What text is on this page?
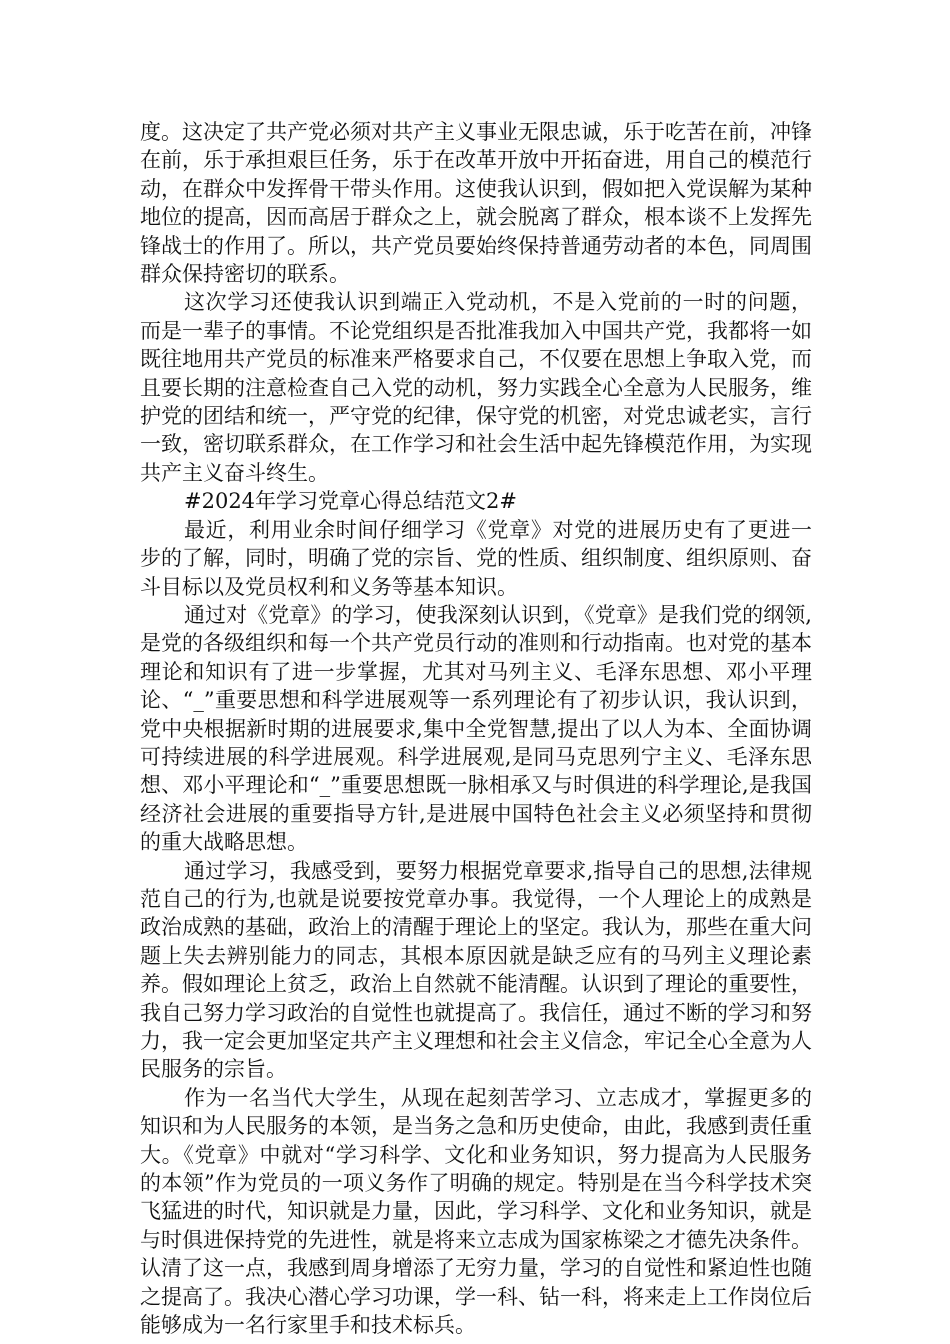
度。这决定了共产党必须对共产主义事业无限忠诚，乐于吃苦在前，冲锋在前，乐于承担艰巨任务，乐于在改革开放中开拓奋进，用自己的模范行动，在群众中发挥骨干带头作用。这使我认识到，假如把入党误解为某种地位的提高，因而高居于群众之上，就会脱离了群众，根本谈不上发挥先锋战士的作用了。所以，共产党员要始终保持普通劳动者的本色，同周围群众保持密切的联系。

这次学习还使我认识到端正入党动机，不是入党前的一时的问题，而是一辈子的事情。不论党组织是否批准我加入中国共产党，我都将一如既往地用共产党员的标准来严格要求自己，不仅要在思想上争取入党，而且要长期的注意检查自己入党的动机，努力实践全心全意为人民服务，维护党的团结和统一，严守党的纪律，保守党的机密，对党忠诚老实，言行一致，密切联系群众，在工作学习和社会生活中起先锋模范作用，为实现共产主义奋斗终生。

#2024年学习党章心得总结范文2#

最近，利用业余时间仔细学习《党章》对党的进展历史有了更进一步的了解，同时，明确了党的宗旨、党的性质、组织制度、组织原则、奋斗目标以及党员权利和义务等基本知识。

通过对《党章》的学习，使我深刻认识到，《党章》是我们党的纲领,是党的各级组织和每一个共产党员行动的准则和行动指南。也对党的基本理论和知识有了进一步掌握，尤其对马列主义、毛泽东思想、邓小平理论、“_”重要思想和科学进展观等一系列理论有了初步认识，我认识到，党中央根据新时期的进展要求,集中全党智慧,提出了以人为本、全面协调可持续进展的科学进展观。科学进展观,是同马克思列宁主义、毛泽东思想、邓小平理论和“_”重要思想既一脉相承又与时俱进的科学理论,是我国经济社会进展的重要指导方针,是进展中国特色社会主义必须坚持和贯彻的重大战略思想。

通过学习，我感受到，要努力根据党章要求,指导自己的思想,法律规范自己的行为,也就是说要按党章办事。我觉得，一个人理论上的成熟是政治成熟的基础，政治上的清醒于理论上的坚定。我认为，那些在重大问题上失去辨别能力的同志，其根本原因就是缺乏应有的马列主义理论素养。假如理论上贫乏，政治上自然就不能清醒。认识到了理论的重要性，我自己努力学习政治的自觉性也就提高了。我信任，通过不断的学习和努力，我一定会更加坚定共产主义理想和社会主义信念，牢记全心全意为人民服务的宗旨。

作为一名当代大学生，从现在起刻苦学习、立志成才，掌握更多的知识和为人民服务的本领，是当务之急和历史使命，由此，我感到责任重大。《党章》中就对“学习科学、文化和业务知识，努力提高为人民服务的本领”作为党员的一项义务作了明确的规定。特别是在当今科学技术突飞猛进的时代，知识就是力量，因此，学习科学、文化和业务知识，就是与时俱进保持党的先进性，就是将来立志成为国家栋梁之才德先决条件。认清了这一点，我感到周身增添了无穷力量，学习的自觉性和紧迫性也随之提高了。我决心潜心学习功课，学一科、钻一科，将来走上工作岗位后能够成为一名行家里手和技术标兵。
